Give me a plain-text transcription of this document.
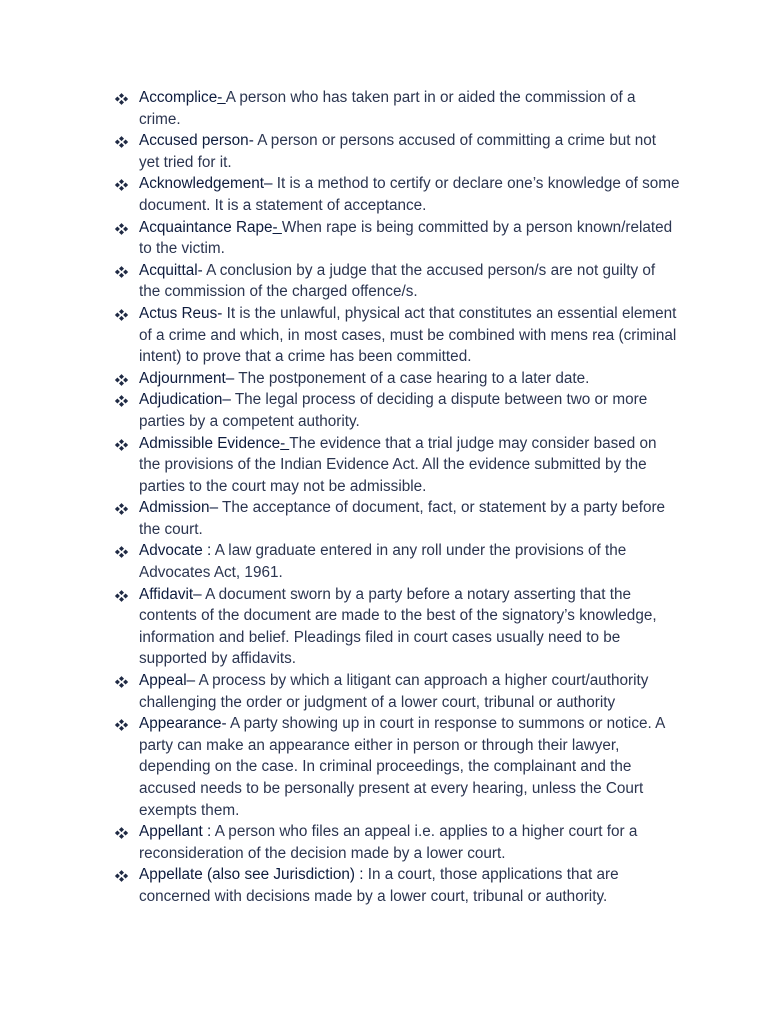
Accomplice- A person who has taken part in or aided the commission of a crime.
Accused person- A person or persons accused of committing a crime but not yet tried for it.
Acknowledgement– It is a method to certify or declare one’s knowledge of some document. It is a statement of acceptance.
Acquaintance Rape- When rape is being committed by a person known/related to the victim.
Acquittal- A conclusion by a judge that the accused person/s are not guilty of the commission of the charged offence/s.
Actus Reus- It is the unlawful, physical act that constitutes an essential element of a crime and which, in most cases, must be combined with mens rea (criminal intent) to prove that a crime has been committed.
Adjournment– The postponement of a case hearing to a later date.
Adjudication– The legal process of deciding a dispute between two or more parties by a competent authority.
Admissible Evidence- The evidence that a trial judge may consider based on the provisions of the Indian Evidence Act. All the evidence submitted by the parties to the court may not be admissible.
Admission– The acceptance of document, fact, or statement by a party before the court.
Advocate : A law graduate entered in any roll under the provisions of the Advocates Act, 1961.
Affidavit– A document sworn by a party before a notary asserting that the contents of the document are made to the best of the signatory’s knowledge, information and belief. Pleadings filed in court cases usually need to be supported by affidavits.
Appeal– A process by which a litigant can approach a higher court/authority challenging the order or judgment of a lower court, tribunal or authority
Appearance- A party showing up in court in response to summons or notice. A party can make an appearance either in person or through their lawyer, depending on the case. In criminal proceedings, the complainant and the accused needs to be personally present at every hearing, unless the Court exempts them.
Appellant : A person who files an appeal i.e. applies to a higher court for a reconsideration of the decision made by a lower court.
Appellate (also see Jurisdiction) : In a court, those applications that are concerned with decisions made by a lower court, tribunal or authority.
